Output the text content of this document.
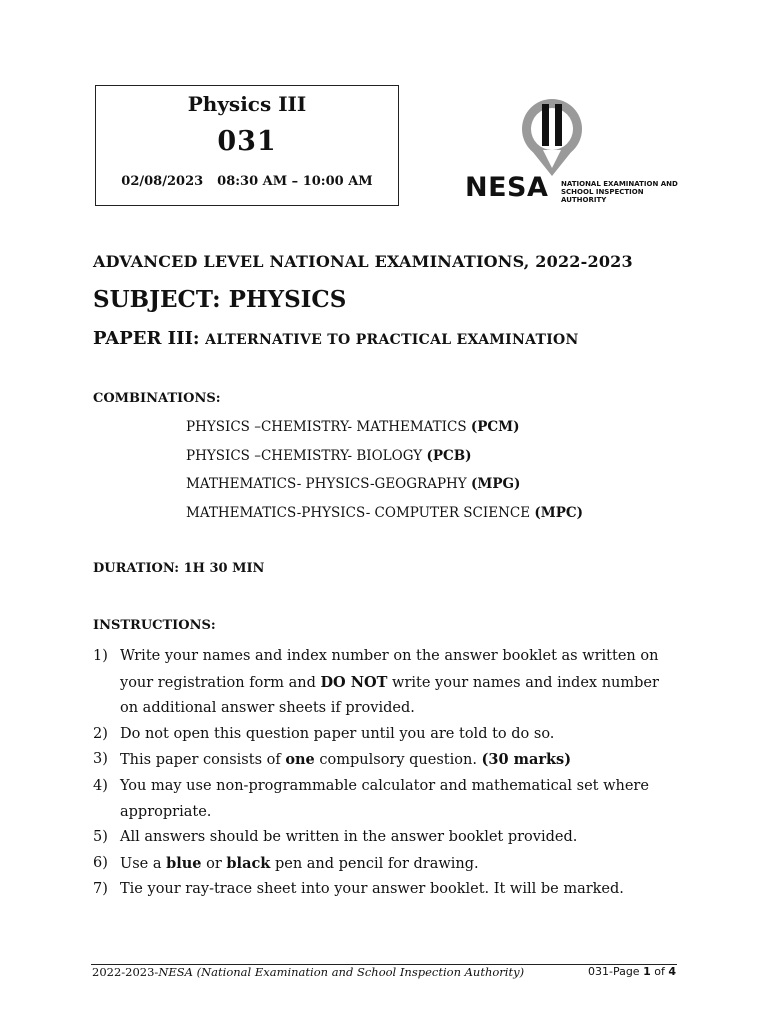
Physics III
031
02/08/2023 08:30 AM – 10:00 AM	NESA NATIONAL EXAMINATION AND
SCHOOL INSPECTION
AUTHORITY
ADVANCED LEVEL NATIONAL EXAMINATIONS, 2022-2023
SUBJECT: PHYSICS
PAPER III: ALTERNATIVE TO PRACTICAL EXAMINATION
COMBINATIONS:
PHYSICS –CHEMISTRY- MATHEMATICS (PCM)
PHYSICS –CHEMISTRY- BIOLOGY (PCB)
MATHEMATICS- PHYSICS-GEOGRAPHY (MPG)
MATHEMATICS-PHYSICS- COMPUTER SCIENCE (MPC)
DURATION: 1H 30 MIN
INSTRUCTIONS:
1) Write your names and index number on the answer booklet as written on your registration form and DO NOT write your names and index number on additional answer sheets if provided.
2) Do not open this question paper until you are told to do so.
3) This paper consists of one compulsory question. (30 marks)
4) You may use non-programmable calculator and mathematical set where appropriate.
5) All answers should be written in the answer booklet provided.
6) Use a blue or black pen and pencil for drawing.
7) Tie your ray-trace sheet into your answer booklet. It will be marked.
2022-2023-NESA (National Examination and School Inspection Authority)	031-Page 1 of 4
